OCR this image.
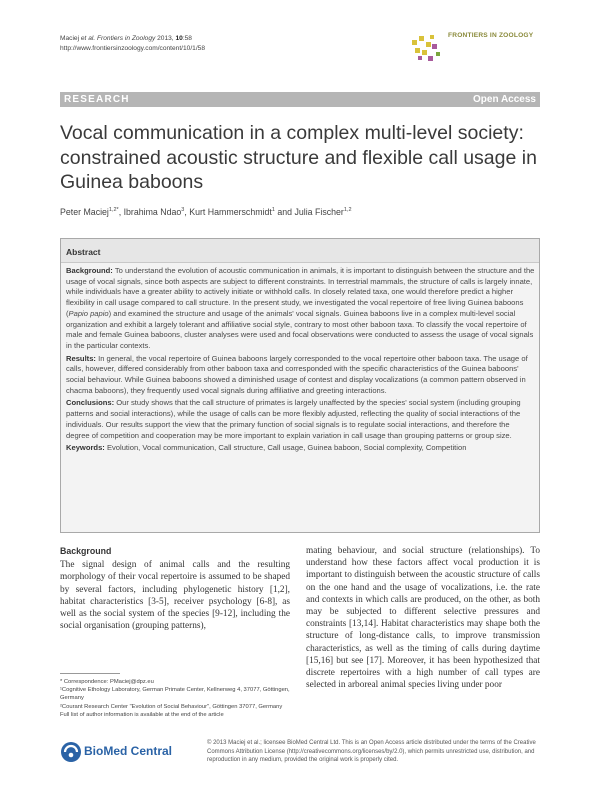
Maciej et al. Frontiers in Zoology 2013, 10:58
http://www.frontiersinzoology.com/content/10/1/58
FRONTIERS IN ZOOLOGY
RESEARCH	Open Access
Vocal communication in a complex multi-level society: constrained acoustic structure and flexible call usage in Guinea baboons
Peter Maciej$^{1,2*}$, Ibrahima Ndao$^3$, Kurt Hammerschmidt$^1$ and Julia Fischer$^{1,2}$
Abstract

Background: To understand the evolution of acoustic communication in animals, it is important to distinguish between the structure and the usage of vocal signals, since both aspects are subject to different constraints. In terrestrial mammals, the structure of calls is largely innate, while individuals have a greater ability to actively initiate or withhold calls. In closely related taxa, one would therefore predict a higher flexibility in call usage compared to call structure. In the present study, we investigated the vocal repertoire of free living Guinea baboons (Papio papio) and examined the structure and usage of the animals' vocal signals. Guinea baboons live in a complex multi-level social organization and exhibit a largely tolerant and affiliative social style, contrary to most other baboon taxa. To classify the vocal repertoire of male and female Guinea baboons, cluster analyses were used and focal observations were conducted to assess the usage of vocal signals in the particular contexts.

Results: In general, the vocal repertoire of Guinea baboons largely corresponded to the vocal repertoire other baboon taxa. The usage of calls, however, differed considerably from other baboon taxa and corresponded with the specific characteristics of the Guinea baboons' social behaviour. While Guinea baboons showed a diminished usage of contest and display vocalizations (a common pattern observed in chacma baboons), they frequently used vocal signals during affiliative and greeting interactions.

Conclusions: Our study shows that the call structure of primates is largely unaffected by the species' social system (including grouping patterns and social interactions), while the usage of calls can be more flexibly adjusted, reflecting the quality of social interactions of the individuals. Our results support the view that the primary function of social signals is to regulate social interactions, and therefore the degree of competition and cooperation may be more important to explain variation in call usage than grouping patterns or group size.

Keywords: Evolution, Vocal communication, Call structure, Call usage, Guinea baboon, Social complexity, Competition

Background

The signal design of animal calls and the resulting morphology of their vocal repertoire is assumed to be shaped by several factors, including phylogenetic history [1,2], habitat characteristics [3-5], receiver psychology [6-8], as well as the social system of the species [9-12], including the social organisation (grouping patterns),

mating behaviour, and social structure (relationships). To understand how these factors affect vocal production it is important to distinguish between the acoustic structure of calls on the one hand and the usage of vocalizations, i.e. the rate and contexts in which calls are produced, on the other, as both may be subjected to different selective pressures and constraints [13,14]. Habitat characteristics may shape both the structure of long-distance calls, to improve transmission characteristics, as well as the timing of calls during daytime [15,16] but see [17]. Moreover, it has been hypothesized that discrete repertoires with a high number of call types are selected in arboreal animal species living under poor

* Correspondence: PMaciej@dpz.eu
¹Cognitive Ethology Laboratory, German Primate Center, Kellnerweg 4, 37077, Göttingen, Germany
²Courant Research Center "Evolution of Social Behaviour", Göttingen 37077, Germany
Full list of author information is available at the end of the article
BioMed Central
© 2013 Maciej et al.; licensee BioMed Central Ltd. This is an Open Access article distributed under the terms of the Creative Commons Attribution License (http://creativecommons.org/licenses/by/2.0), which permits unrestricted use, distribution, and reproduction in any medium, provided the original work is properly cited.
